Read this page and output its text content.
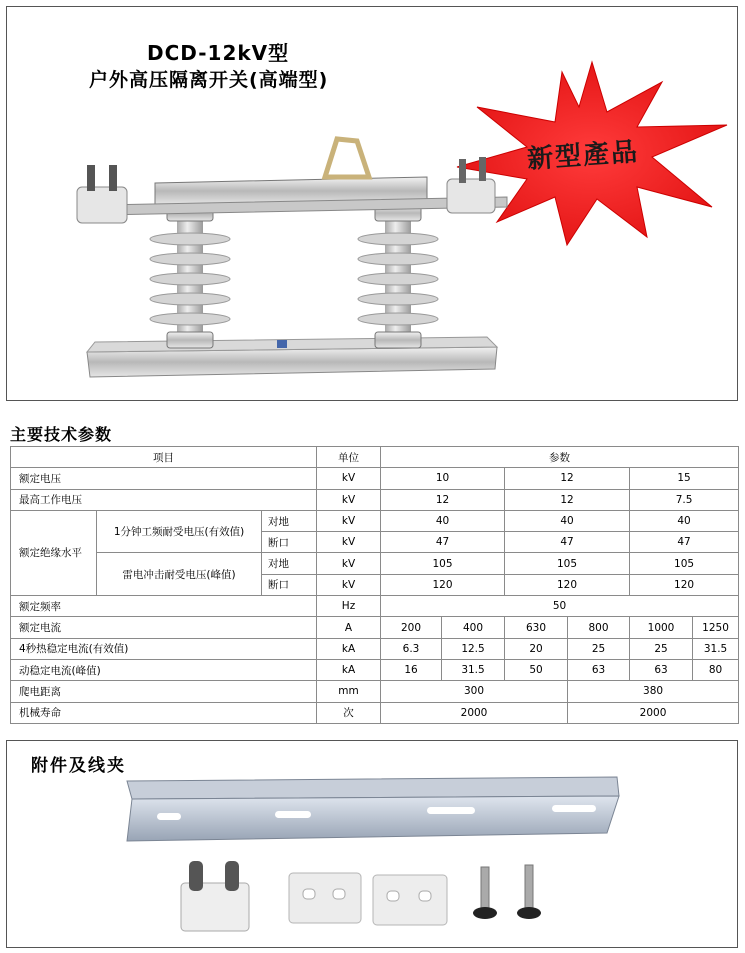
DCD-12kV型
户外高压隔离开关(高端型)
新型產品
主要技术参数
项目			单位	参数					
额定电压			kV	10		12		15	
最高工作电压			kV	12		12		7.5	
额定绝缘水平	1分钟工频耐受电压(有效值)	对地	kV	40		40		40	
		断口	kV	47		47		47	
	雷电冲击耐受电压(峰值)	对地	kV	105		105		105	
		断口	kV	120		120		120	
额定频率			Hz	50					
额定电流			A	200	400	630	800	1000	1250
4秒热稳定电流(有效值)			kA	6.3	12.5	20	25	25	31.5
动稳定电流(峰值)			kA	16	31.5	50	63	63	80
爬电距离			mm	300			380		
机械寿命			次	2000			2000		
附件及线夹
